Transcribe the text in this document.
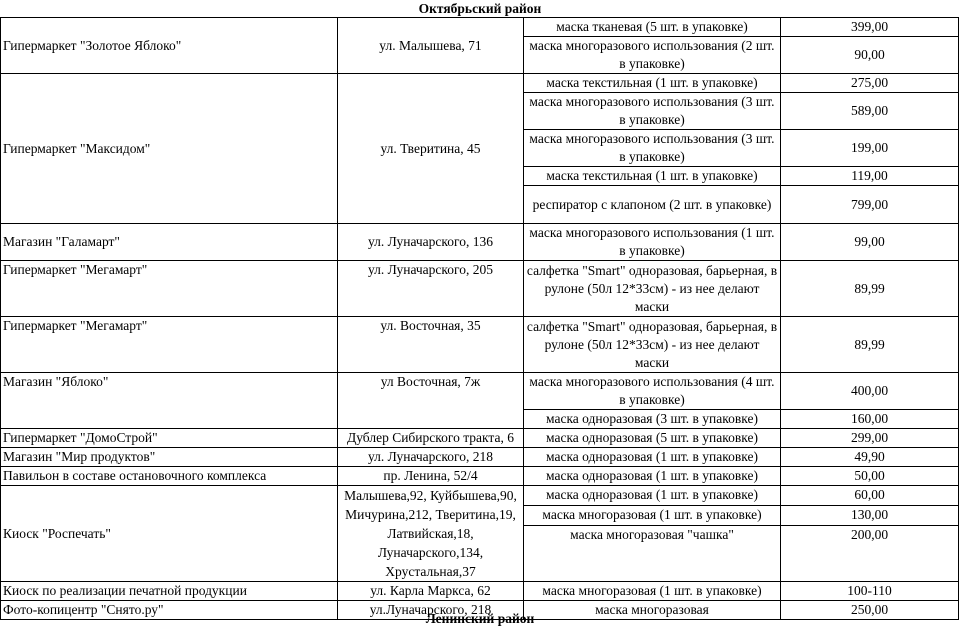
Октябрьский район
Гипермаркет "Золотое Яблоко"	ул. Малышева, 71	маска тканевая (5 шт. в упаковке)	399,00
		маска многоразового использования (2 шт. в упаковке)	90,00
Гипермаркет "Максидом"	ул. Тверитина, 45	маска текстильная (1 шт. в упаковке)	275,00
		маска многоразового использования (3 шт. в упаковке)	589,00
		маска многоразового использования (3 шт. в упаковке)	199,00
		маска текстильная (1 шт. в упаковке)	119,00
		респиратор с клапоном (2 шт. в упаковке)	799,00
Магазин "Галамарт"	ул. Луначарского, 136	маска многоразового использования (1 шт. в упаковке)	99,00
Гипермаркет "Мегамарт"	ул. Луначарского, 205	салфетка "Smart" одноразовая, барьерная, в рулоне (50л 12*33см) - из нее делают маски	89,99
Гипермаркет "Мегамарт"	ул. Восточная, 35	салфетка "Smart" одноразовая, барьерная, в рулоне (50л 12*33см) - из нее делают маски	89,99
Магазин "Яблоко"	ул Восточная, 7ж	маска многоразового использования (4 шт. в упаковке)	400,00
		маска одноразовая (3 шт. в упаковке)	160,00
Гипермаркет "ДомоСтрой"	Дублер Сибирского тракта, 6	маска одноразовая (5 шт. в упаковке)	299,00
Магазин "Мир продуктов"	ул. Луначарского, 218	маска одноразовая (1 шт. в упаковке)	49,90
Павильон в составе остановочного комплекса	пр. Ленина, 52/4	маска одноразовая (1 шт. в упаковке)	50,00
Киоск "Роспечать"	Малышева,92, Куйбышева,90, Мичурина,212, Тверитина,19, Латвийская,18, Луначарского,134, Хрустальная,37	маска одноразовая (1 шт. в упаковке)	60,00
		маска многоразовая (1 шт. в упаковке)	130,00
		маска многоразовая "чашка"	200,00
Киоск по реализации печатной продукции	ул. Карла Маркса, 62	маска многоразовая (1 шт. в упаковке)	100-110
Фото-копицентр "Снято.ру"	ул.Луначарского, 218	маска многоразовая	250,00
Ленинский район
